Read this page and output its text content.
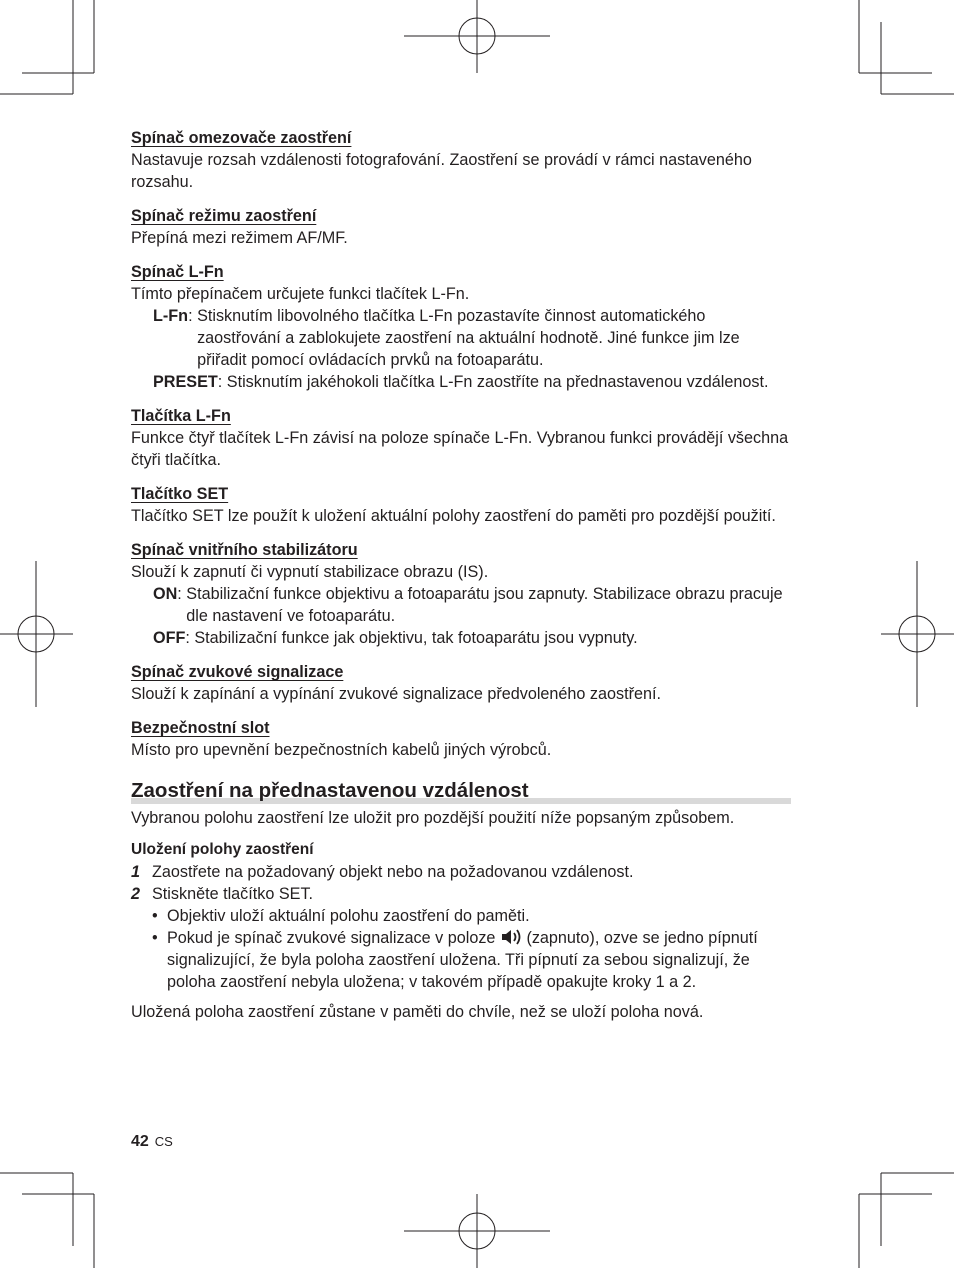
Spínač omezovače zaostření

Nastavuje rozsah vzdálenosti fotografování. Zaostření se provádí v rámci nastaveného rozsahu.

Spínač režimu zaostření

Přepíná mezi režimem AF/MF.

Spínač L-Fn

Tímto přepínačem určujete funkci tlačítek L-Fn.

L-Fn : Stisknutím libovolného tlačítka L-Fn pozastavíte činnost automatického zaostřování a zablokujete zaostření na aktuální hodnotě. Jiné funkce jim lze přiřadit pomocí ovládacích prvků na fotoaparátu.
PRESET : Stisknutím jakéhokoli tlačítka L-Fn zaostříte na přednastavenou vzdálenost.

Tlačítka L-Fn

Funkce čtyř tlačítek L-Fn závisí na poloze spínače L-Fn. Vybranou funkci provádějí všechna čtyři tlačítka.

Tlačítko SET

Tlačítko SET lze použít k uložení aktuální polohy zaostření do paměti pro pozdější použití.

Spínač vnitřního stabilizátoru

Slouží k zapnutí či vypnutí stabilizace obrazu (IS).

ON : Stabilizační funkce objektivu a fotoaparátu jsou zapnuty. Stabilizace obrazu pracuje dle nastavení ve fotoaparátu.
OFF : Stabilizační funkce jak objektivu, tak fotoaparátu jsou vypnuty.

Spínač zvukové signalizace

Slouží k zapínání a vypínání zvukové signalizace předvoleného zaostření.

Bezpečnostní slot

Místo pro upevnění bezpečnostních kabelů jiných výrobců.

Zaostření na přednastavenou vzdálenost

Vybranou polohu zaostření lze uložit pro pozdější použití níže popsaným způsobem.

Uložení polohy zaostření
1 Zaostřete na požadovaný objekt nebo na požadovanou vzdálenost.
2 Stiskněte tlačítko SET.
• Objektiv uloží aktuální polohu zaostření do paměti.
• Pokud je spínač zvukové signalizace v poloze (zapnuto), ozve se jedno pípnutí signalizující, že byla poloha zaostření uložena. Tři pípnutí za sebou signalizují, že poloha zaostření nebyla uložena; v takovém případě opakujte kroky 1 a 2.

Uložená poloha zaostření zůstane v paměti do chvíle, než se uloží poloha nová.

42 CS
